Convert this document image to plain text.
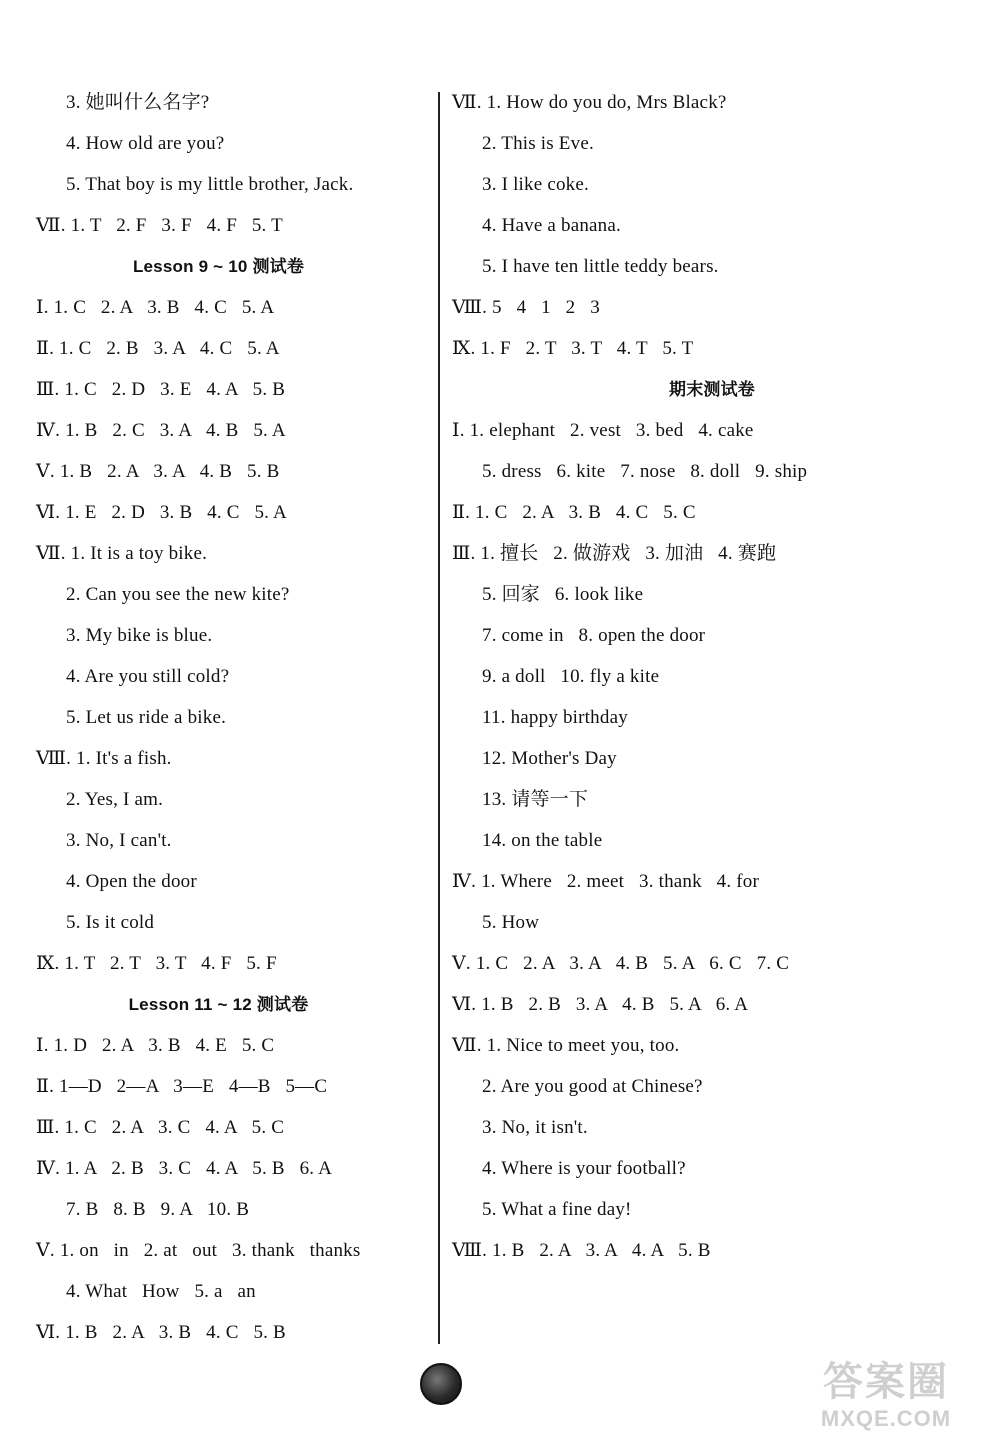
3. 她叫什么名字?
4. How old are you?
5. That boy is my little brother, Jack.
Ⅶ. 1. T   2. F   3. F   4. F   5. T
Lesson 9 ~ 10 测试卷
Ⅰ. 1. C   2. A   3. B   4. C   5. A
Ⅱ. 1. C   2. B   3. A   4. C   5. A
Ⅲ. 1. C   2. D   3. E   4. A   5. B
Ⅳ. 1. B   2. C   3. A   4. B   5. A
Ⅴ. 1. B   2. A   3. A   4. B   5. B
Ⅵ. 1. E   2. D   3. B   4. C   5. A
Ⅶ. 1. It is a toy bike.
2. Can you see the new kite?
3. My bike is blue.
4. Are you still cold?
5. Let us ride a bike.
Ⅷ. 1. It's a fish.
2. Yes, I am.
3. No, I can't.
4. Open the door
5. Is it cold
Ⅸ. 1. T   2. T   3. T   4. F   5. F
Lesson 11 ~ 12 测试卷
Ⅰ. 1. D   2. A   3. B   4. E   5. C
Ⅱ. 1—D   2—A   3—E   4—B   5—C
Ⅲ. 1. C   2. A   3. C   4. A   5. C
Ⅳ. 1. A   2. B   3. C   4. A   5. B   6. A
7. B   8. B   9. A   10. B
Ⅴ. 1. on   in   2. at   out   3. thank   thanks
4. What   How   5. a   an
Ⅵ. 1. B   2. A   3. B   4. C   5. B
Ⅶ. 1. How do you do, Mrs Black?
2. This is Eve.
3. I like coke.
4. Have a banana.
5. I have ten little teddy bears.
Ⅷ. 5   4   1   2   3
Ⅸ. 1. F   2. T   3. T   4. T   5. T
期末测试卷
Ⅰ. 1. elephant   2. vest   3. bed   4. cake
5. dress   6. kite   7. nose   8. doll   9. ship
Ⅱ. 1. C   2. A   3. B   4. C   5. C
Ⅲ. 1. 擅长   2. 做游戏   3. 加油   4. 赛跑
5. 回家   6. look like
7. come in   8. open the door
9. a doll   10. fly a kite
11. happy birthday
12. Mother's Day
13. 请等一下
14. on the table
Ⅳ. 1. Where   2. meet   3. thank   4. for
5. How
Ⅴ. 1. C   2. A   3. A   4. B   5. A   6. C   7. C
Ⅵ. 1. B   2. B   3. A   4. B   5. A   6. A
Ⅶ. 1. Nice to meet you, too.
2. Are you good at Chinese?
3. No, it isn't.
4. Where is your football?
5. What a fine day!
Ⅷ. 1. B   2. A   3. A   4. A   5. B
答案圈
MXQE.COM
